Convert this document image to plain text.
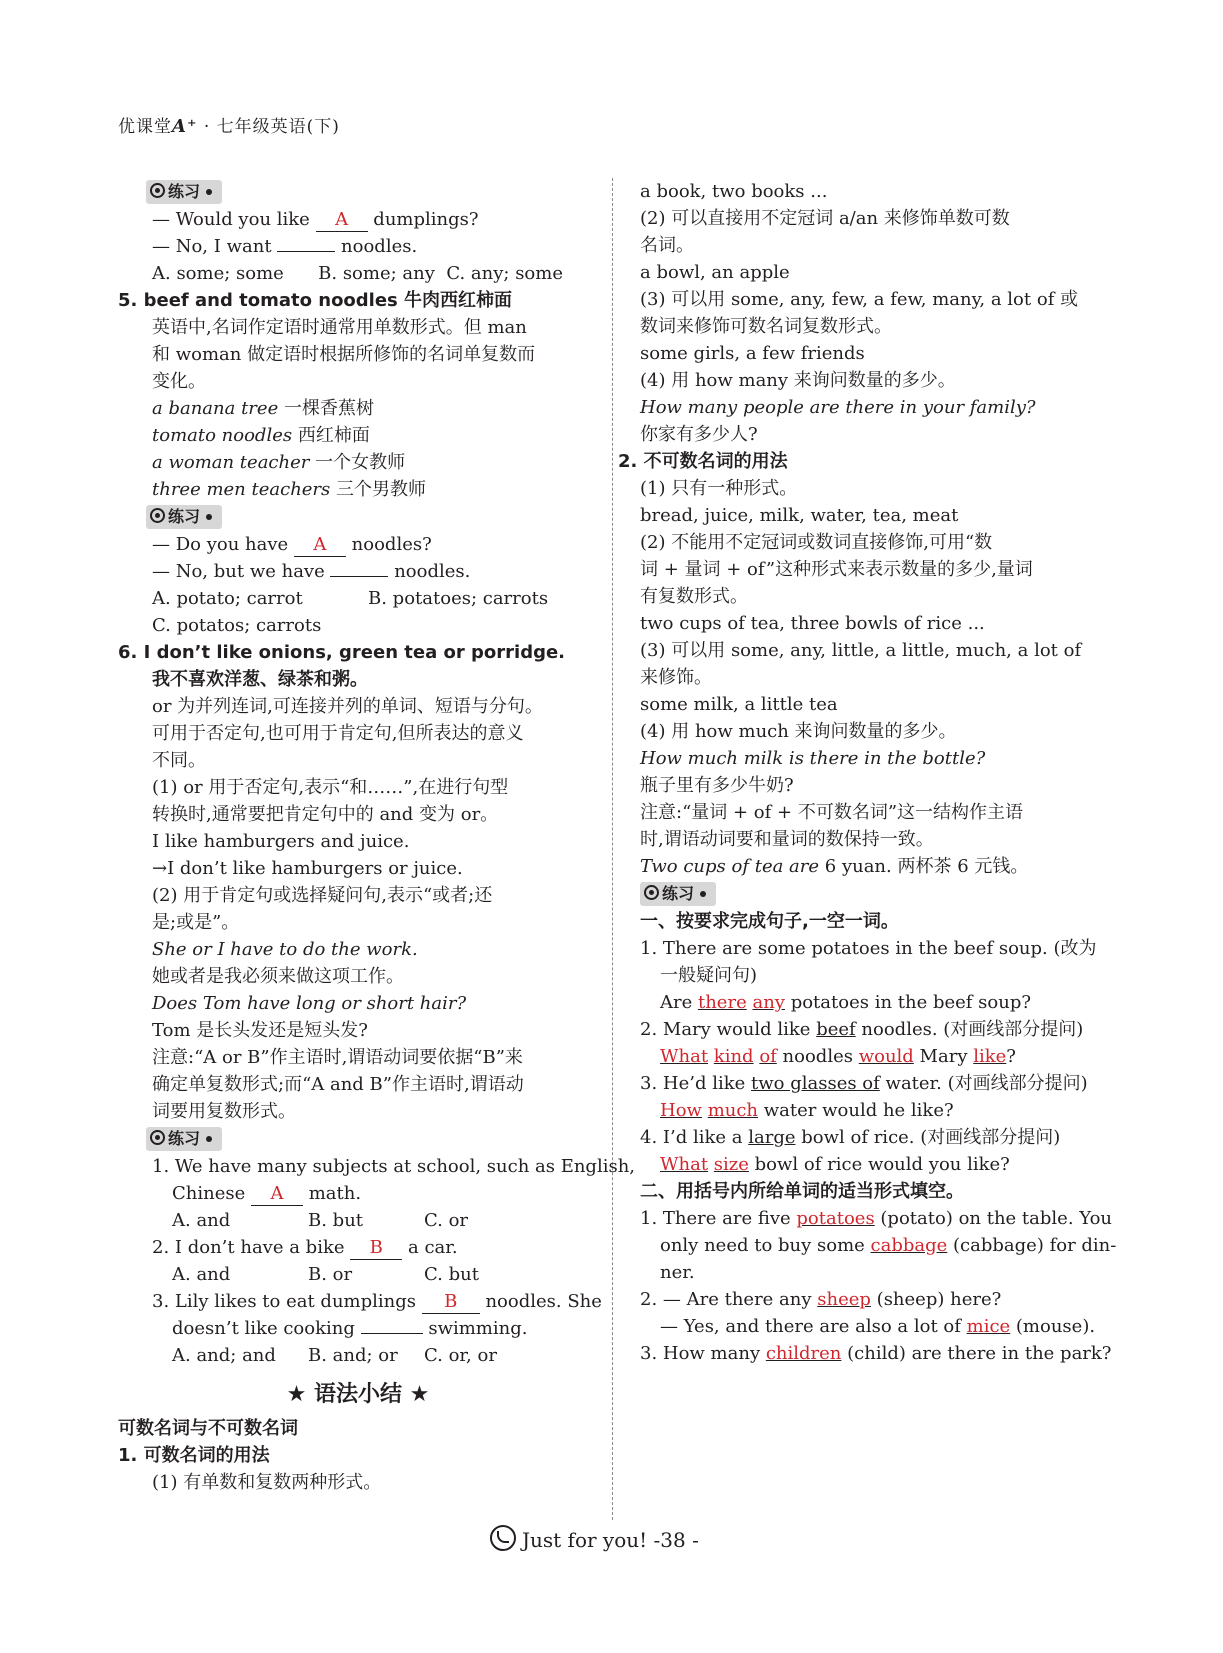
优课堂A⁺ · 七年级英语(下)
练习
— Would you like A dumplings?
— No, I want	noodles.
A. some; some      B. some; any  C. any; some
5. beef and tomato noodles 牛肉西红柿面
英语中,名词作定语时通常用单数形式。但 man
和 woman 做定语时根据所修饰的名词单复数而
变化。
a banana tree 一棵香蕉树
tomato noodles 西红柿面
a woman teacher 一个女教师
three men teachers 三个男教师
练习
— Do you have A noodles?
— No, but we have	noodles.
A. potato; carrot	B. potatoes; carrots
C. potatos; carrots
6. I don’t like onions, green tea or porridge.
我不喜欢洋葱、绿茶和粥。
or 为并列连词,可连接并列的单词、短语与分句。
可用于否定句,也可用于肯定句,但所表达的意义
不同。
(1) or 用于否定句,表示“和……”,在进行句型
转换时,通常要把肯定句中的 and 变为 or。
I like hamburgers and juice.
→I don’t like hamburgers or juice.
(2) 用于肯定句或选择疑问句,表示“或者;还
是;或是”。
She or I have to do the work.
她或者是我必须来做这项工作。
Does Tom have long or short hair?
Tom 是长头发还是短头发?
注意:“A or B”作主语时,谓语动词要依据“B”来
确定单复数形式;而“A and B”作主语时,谓语动
词要用复数形式。
练习
1. We have many subjects at school, such as English,
Chinese A math.
A. and	B. but	C. or
2. I don’t have a bike B a car.
A. and	B. or	C. but
3. Lily likes to eat dumplings B noodles. She
doesn’t like cooking	swimming.
A. and; and B. and; or C. or, or
★ 语法小结 ★
可数名词与不可数名词
1. 可数名词的用法
(1) 有单数和复数两种形式。
a book, two books ...
(2) 可以直接用不定冠词 a/an 来修饰单数可数
名词。
a bowl, an apple
(3) 可以用 some, any, few, a few, many, a lot of 或
数词来修饰可数名词复数形式。
some girls, a few friends
(4) 用 how many 来询问数量的多少。
How many people are there in your family?
你家有多少人?
2. 不可数名词的用法
(1) 只有一种形式。
bread, juice, milk, water, tea, meat
(2) 不能用不定冠词或数词直接修饰,可用“数
词 + 量词 + of”这种形式来表示数量的多少,量词
有复数形式。
two cups of tea, three bowls of rice ...
(3) 可以用 some, any, little, a little, much, a lot of
来修饰。
some milk, a little tea
(4) 用 how much 来询问数量的多少。
How much milk is there in the bottle?
瓶子里有多少牛奶?
注意:“量词 + of + 不可数名词”这一结构作主语
时,谓语动词要和量词的数保持一致。
Two cups of tea are 6 yuan. 两杯茶 6 元钱。
练习
一、按要求完成句子,一空一词。
1. There are some potatoes in the beef soup. (改为
一般疑问句)
Are there any potatoes in the beef soup?
2. Mary would like beef noodles. (对画线部分提问)
What kind of noodles would Mary like?
3. He’d like two glasses of water. (对画线部分提问)
How much water would he like?
4. I’d like a large bowl of rice. (对画线部分提问)
What size bowl of rice would you like?
二、用括号内所给单词的适当形式填空。
1. There are five potatoes (potato) on the table. You
only need to buy some cabbage (cabbage) for din-
ner.
2. — Are there any sheep (sheep) here?
— Yes, and there are also a lot of mice (mouse).
3. How many children (child) are there in the park?
Just for you! -38 -
